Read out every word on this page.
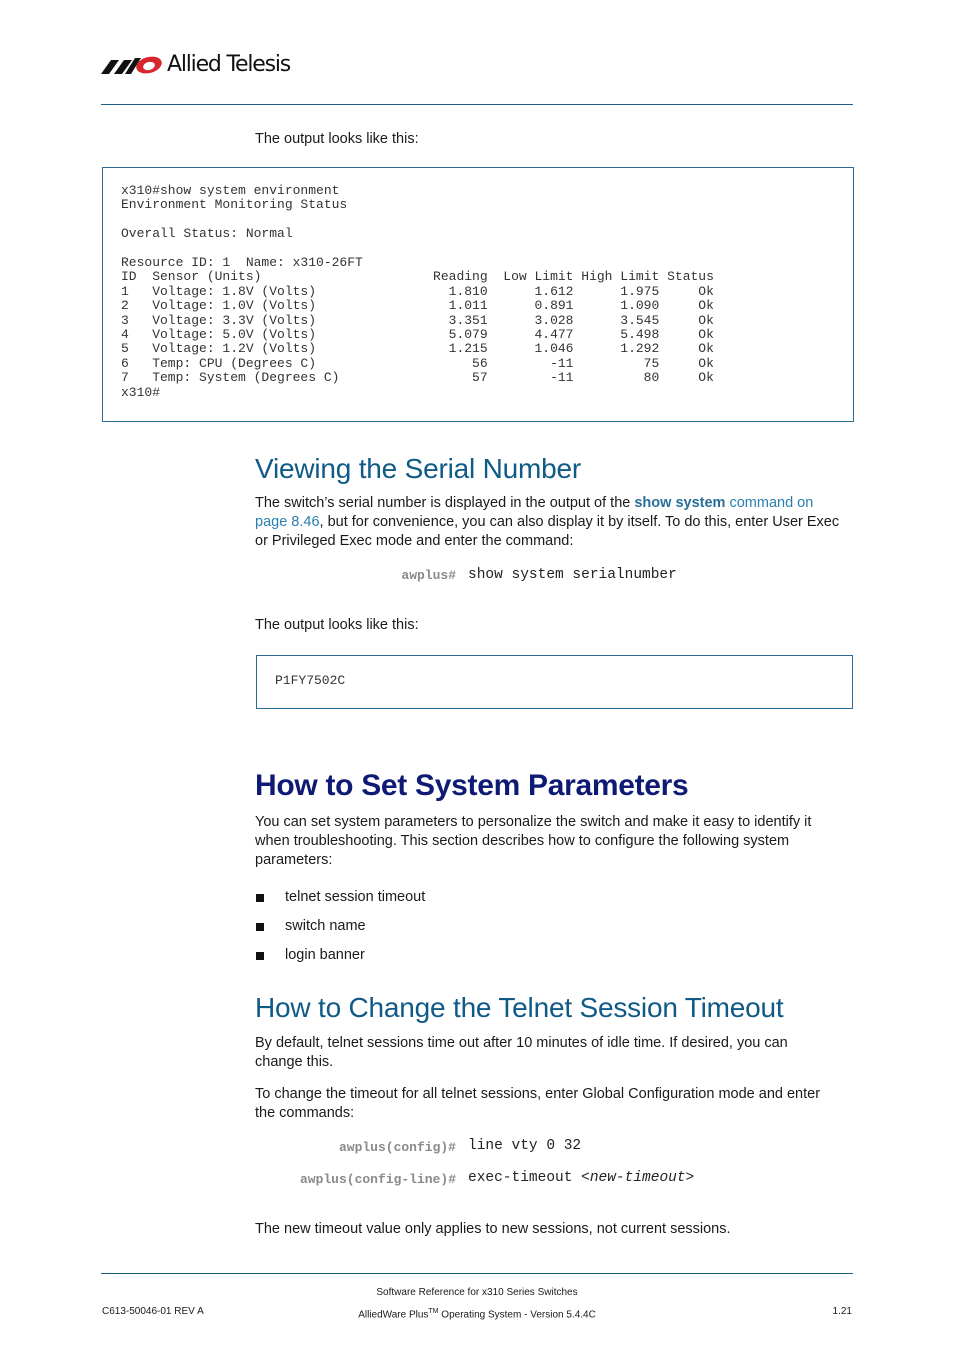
Allied Telesis
The output looks like this:
x310#show system environment
Environment Monitoring Status

Overall Status: Normal

Resource ID: 1  Name: x310-26FT
ID  Sensor (Units)                      Reading  Low Limit High Limit Status
1   Voltage: 1.8V (Volts)                 1.810      1.612      1.975     Ok
2   Voltage: 1.0V (Volts)                 1.011      0.891      1.090     Ok
3   Voltage: 3.3V (Volts)                 3.351      3.028      3.545     Ok
4   Voltage: 5.0V (Volts)                 5.079      4.477      5.498     Ok
5   Voltage: 1.2V (Volts)                 1.215      1.046      1.292     Ok
6   Temp: CPU (Degrees C)                    56        -11         75     Ok
7   Temp: System (Degrees C)                 57        -11         80     Ok
x310#
Viewing the Serial Number
The switch’s serial number is displayed in the output of the show system command on
page 8.46, but for convenience, you can also display it by itself. To do this, enter User Exec
or Privileged Exec mode and enter the command:
awplus# show system serialnumber
The output looks like this:
P1FY7502C
How to Set System Parameters
You can set system parameters to personalize the switch and make it easy to identify it
when troubleshooting. This section describes how to configure the following system
parameters:
telnet session timeout
switch name
login banner
How to Change the Telnet Session Timeout
By default, telnet sessions time out after 10 minutes of idle time. If desired, you can
change this.
To change the timeout for all telnet sessions, enter Global Configuration mode and enter
the commands:
awplus(config)# line vty 0 32
awplus(config-line)# exec-timeout <new-timeout>
The new timeout value only applies to new sessions, not current sessions.
Software Reference for x310 Series Switches
AlliedWare Plus™ Operating System - Version 5.4.4C
C613-50046-01 REV A	1.21
